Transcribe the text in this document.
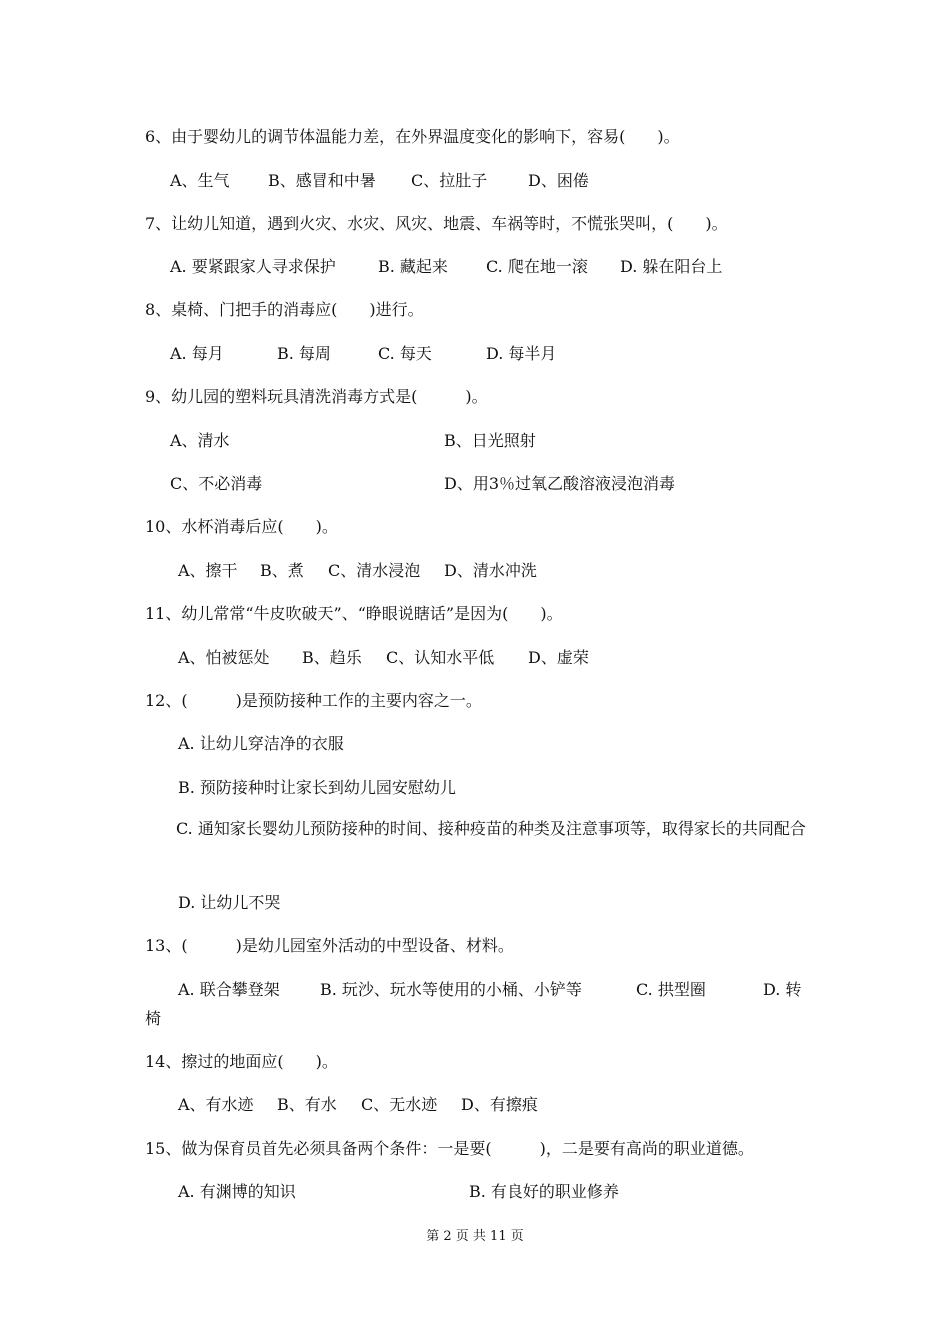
6、由于婴幼儿的调节体温能力差，在外界温度变化的影响下，容易(　　)。
A、生气 B、感冒和中暑 C、拉肚子	D、困倦
7、让幼儿知道，遇到火灾、水灾、风灾、地震、车祸等时，不慌张哭叫，(　　)。
A. 要紧跟家人寻求保护	B. 藏起来 C. 爬在地一滚 D. 躲在阳台上
8、桌椅、门把手的消毒应(　　)进行。
A. 每月	B. 每周	C. 每天	D. 每半月
9、幼儿园的塑料玩具清洗消毒方式是(　　　)。
A、清水	B、日光照射
C、不必消毒	D、用3％过氧乙酸溶液浸泡消毒
10、水杯消毒后应(　　)。
A、擦干 B、煮 C、清水浸泡 D、清水冲洗
11、幼儿常常“牛皮吹破天”、“睁眼说瞎话”是因为(　　)。
A、怕被惩处 B、趋乐 C、认知水平低 D、虚荣
12、(　　　)是预防接种工作的主要内容之一。
A. 让幼儿穿洁净的衣服
B. 预防接种时让家长到幼儿园安慰幼儿
C. 通知家长婴幼儿预防接种的时间、接种疫苗的种类及注意事项等，取得家长的共同配合
D. 让幼儿不哭
13、(　　　)是幼儿园室外活动的中型设备、材料。
A. 联合攀登架	B. 玩沙、玩水等使用的小桶、小铲等	C. 拱型圈	D. 转
椅
14、擦过的地面应(　　)。
A、有水迹 B、有水 C、无水迹 D、有擦痕
15、做为保育员首先必须具备两个条件：一是要(　　　)，二是要有高尚的职业道德。
A. 有渊博的知识	B. 有良好的职业修养
第 2 页 共 11 页
